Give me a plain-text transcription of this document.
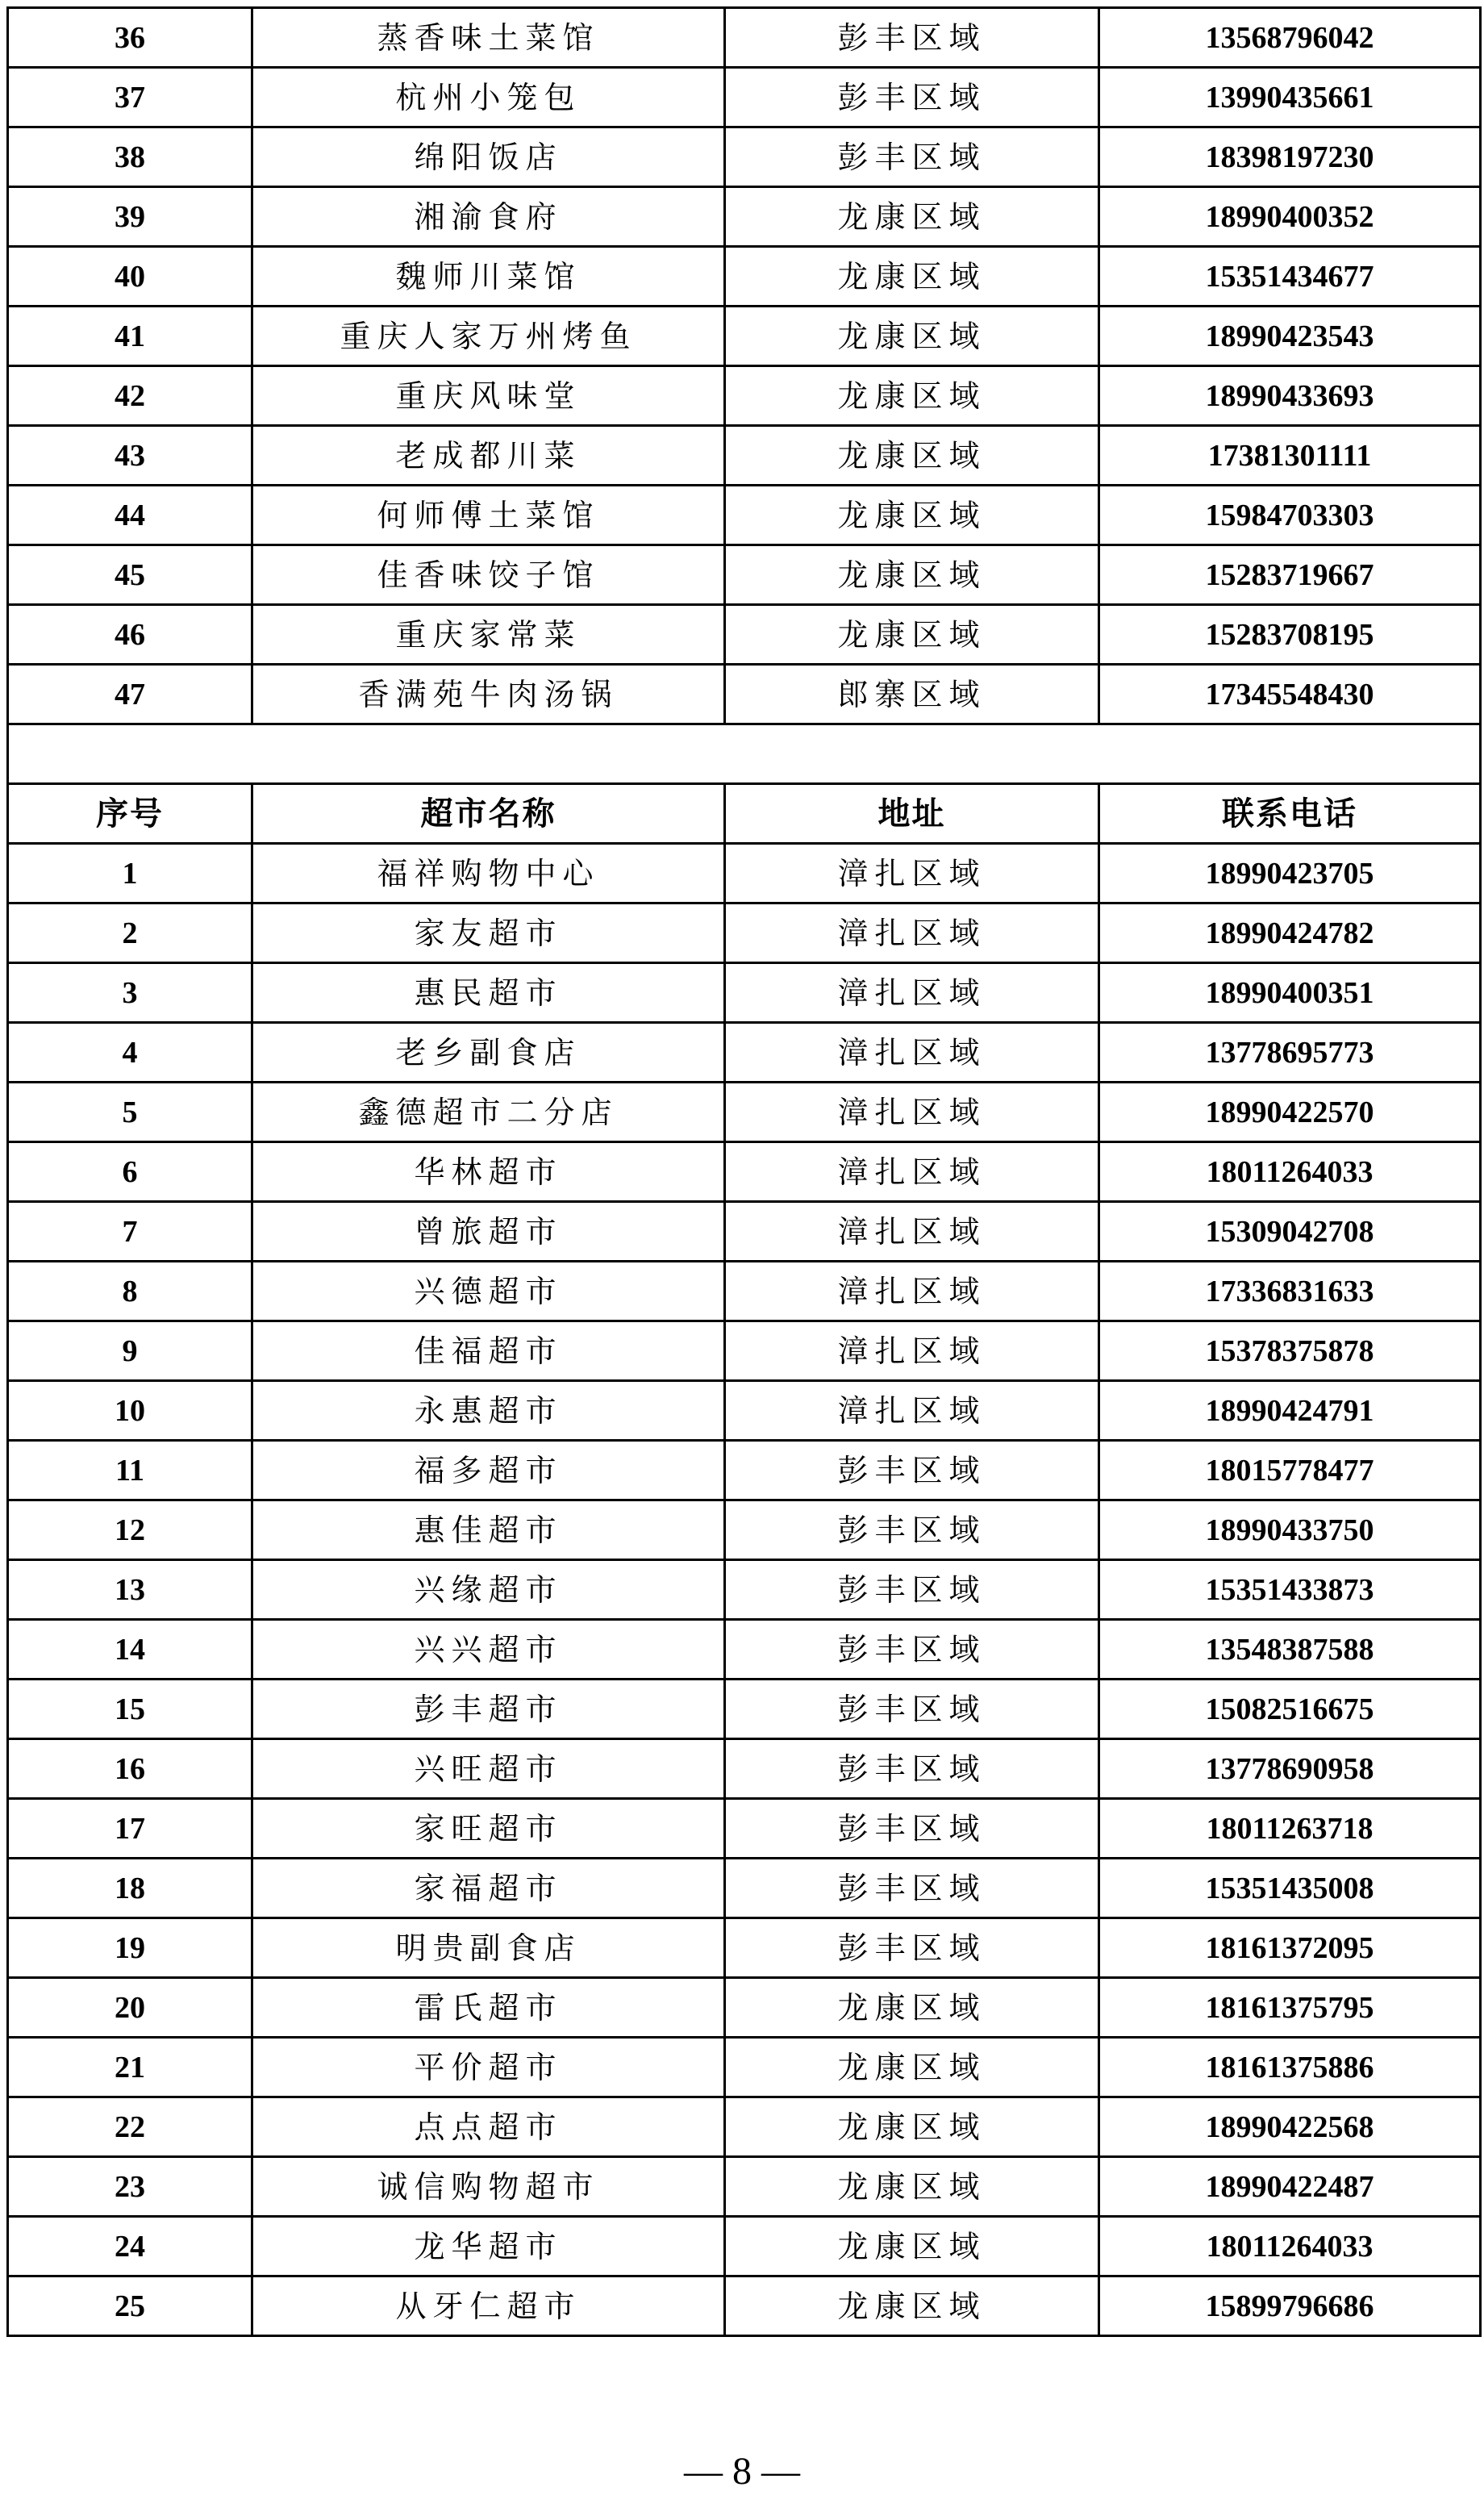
36	蒸香味土菜馆	彭丰区域	13568796042
37	杭州小笼包	彭丰区域	13990435661
38	绵阳饭店	彭丰区域	18398197230
39	湘渝食府	龙康区域	18990400352
40	魏师川菜馆	龙康区域	15351434677
41	重庆人家万州烤鱼	龙康区域	18990423543
42	重庆风味堂	龙康区域	18990433693
43	老成都川菜	龙康区域	17381301111
44	何师傅土菜馆	龙康区域	15984703303
45	佳香味饺子馆	龙康区域	15283719667
46	重庆家常菜	龙康区域	15283708195
47	香满苑牛肉汤锅	郎寨区域	17345548430

序号	超市名称	地址	联系电话
1	福祥购物中心	漳扎区域	18990423705
2	家友超市	漳扎区域	18990424782
3	惠民超市	漳扎区域	18990400351
4	老乡副食店	漳扎区域	13778695773
5	鑫德超市二分店	漳扎区域	18990422570
6	华林超市	漳扎区域	18011264033
7	曾旅超市	漳扎区域	15309042708
8	兴德超市	漳扎区域	17336831633
9	佳福超市	漳扎区域	15378375878
10	永惠超市	漳扎区域	18990424791
11	福多超市	彭丰区域	18015778477
12	惠佳超市	彭丰区域	18990433750
13	兴缘超市	彭丰区域	15351433873
14	兴兴超市	彭丰区域	13548387588
15	彭丰超市	彭丰区域	15082516675
16	兴旺超市	彭丰区域	13778690958
17	家旺超市	彭丰区域	18011263718
18	家福超市	彭丰区域	15351435008
19	明贵副食店	彭丰区域	18161372095
20	雷氏超市	龙康区域	18161375795
21	平价超市	龙康区域	18161375886
22	点点超市	龙康区域	18990422568
23	诚信购物超市	龙康区域	18990422487
24	龙华超市	龙康区域	18011264033
25	从牙仁超市	龙康区域	15899796686
— 8 —
